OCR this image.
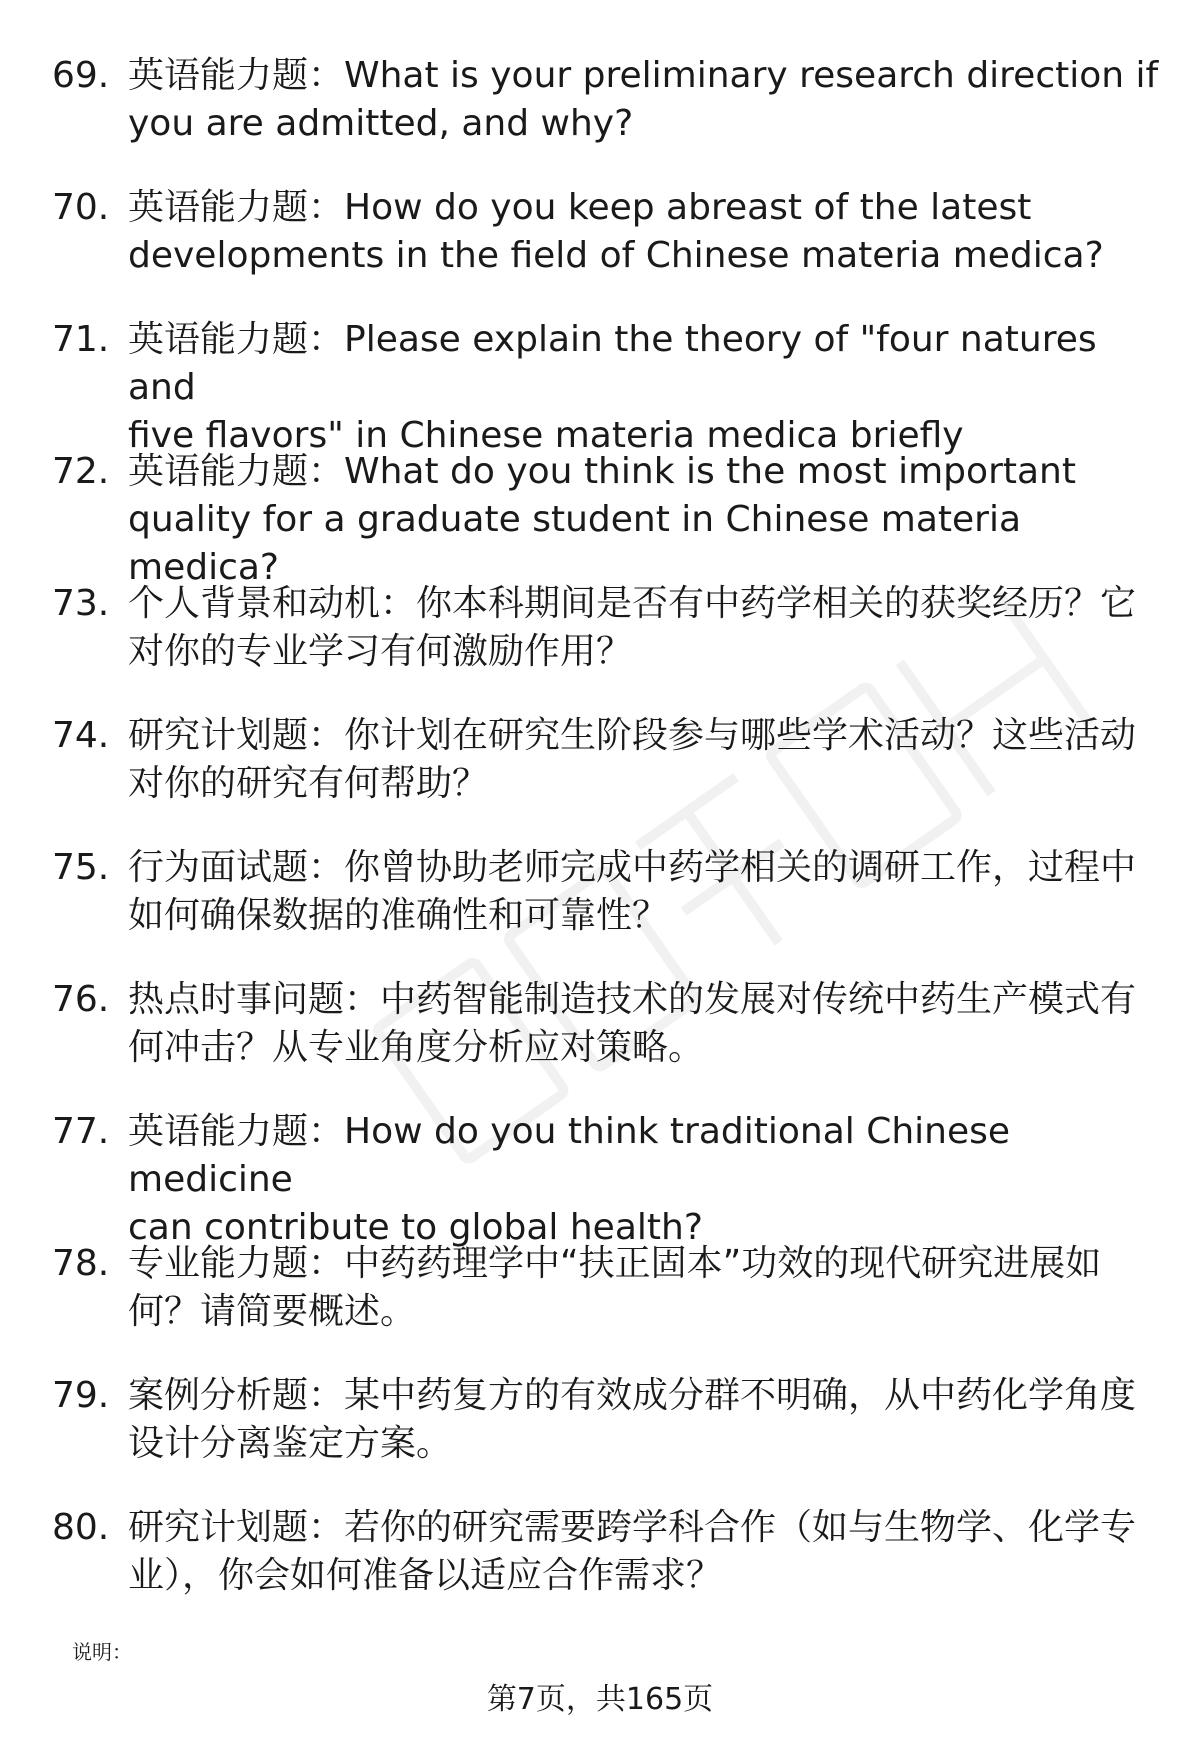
69. 英语能力题：What is your preliminary research direction if
you are admitted, and why?
70. 英语能力题：How do you keep abreast of the latest
developments in the field of Chinese materia medica?
71. 英语能力题：Please explain the theory of "four natures and
five flavors" in Chinese materia medica briefly
72. 英语能力题：What do you think is the most important
quality for a graduate student in Chinese materia medica?
73. 个人背景和动机：你本科期间是否有中药学相关的获奖经历？它
对你的专业学习有何激励作用？
74. 研究计划题：你计划在研究生阶段参与哪些学术活动？这些活动
对你的研究有何帮助？
75. 行为面试题：你曾协助老师完成中药学相关的调研工作，过程中
如何确保数据的准确性和可靠性？
76. 热点时事问题：中药智能制造技术的发展对传统中药生产模式有
何冲击？从专业角度分析应对策略。
77. 英语能力题：How do you think traditional Chinese medicine
can contribute to global health?
78. 专业能力题：中药药理学中“扶正固本”功效的现代研究进展如
何？请简要概述。
79. 案例分析题：某中药复方的有效成分群不明确，从中药化学角度
设计分离鉴定方案。
80. 研究计划题：若你的研究需要跨学科合作（如与生物学、化学专
业），你会如何准备以适应合作需求？
说明：
第7页，共165页
